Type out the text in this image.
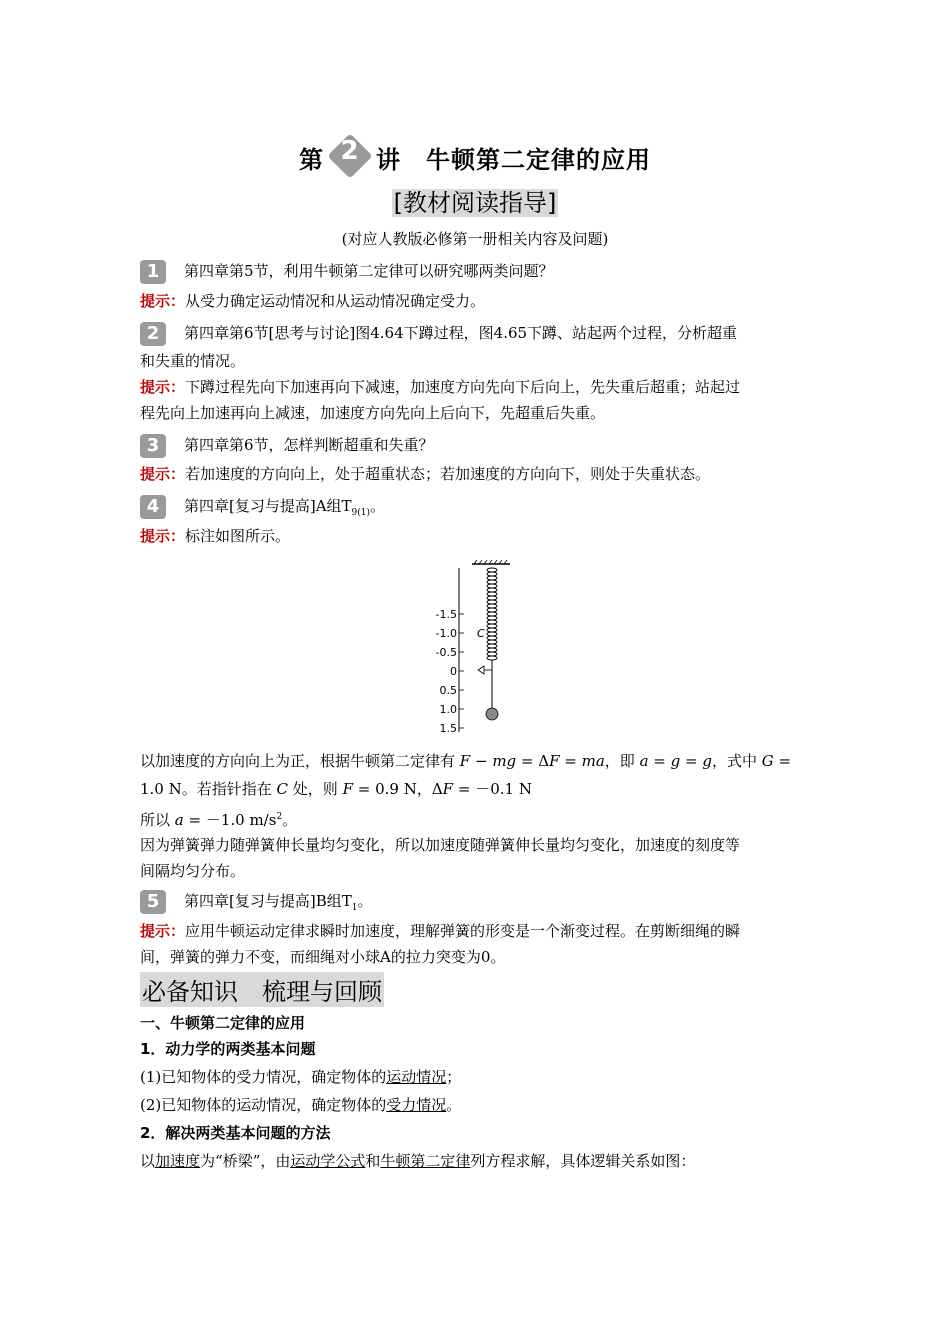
第 2 讲　牛顿第二定律的应用
[教材阅读指导]
(对应人教版必修第一册相关内容及问题)
1 第四章第5节，利用牛顿第二定律可以研究哪两类问题？
提示：从受力确定运动情况和从运动情况确定受力。
2 第四章第6节[思考与讨论]图4.64下蹲过程，图4.65下蹲、站起两个过程，分析超重
和失重的情况。
提示：下蹲过程先向下加速再向下减速，加速度方向先向下后向上，先失重后超重；站起过
程先向上加速再向上减速，加速度方向先向上后向下，先超重后失重。
3 第四章第6节，怎样判断超重和失重？
提示：若加速度的方向向上，处于超重状态；若加速度的方向向下，则处于失重状态。
4 第四章[复习与提高]A组$T_{9(1)}$。
提示：标注如图所示。
-1.5
-1.0
-0.5
0
0.5
1.0
1.5
C
以加速度的方向向上为正，根据牛顿第二定律有 F − mg = ΔF = ma，即 a = g = g，式中 G =
1.0 N。若指针指在 C 处，则 F = 0.9 N，ΔF = －0.1 N
所以 a = －1.0 $m/s^2$。
因为弹簧弹力随弹簧伸长量均匀变化，所以加速度随弹簧伸长量均匀变化，加速度的刻度等
间隔均匀分布。
5 第四章[复习与提高]B组$T_1$。
提示：应用牛顿运动定律求瞬时加速度，理解弹簧的形变是一个渐变过程。在剪断细绳的瞬
间，弹簧的弹力不变，而细绳对小球A的拉力突变为0。
必备知识　梳理与回顾
一、牛顿第二定律的应用
1．动力学的两类基本问题
(1)已知物体的受力情况，确定物体的运动情况；
(2)已知物体的运动情况，确定物体的受力情况。
2．解决两类基本问题的方法
以加速度为“桥梁”，由运动学公式和牛顿第二定律列方程求解，具体逻辑关系如图：
